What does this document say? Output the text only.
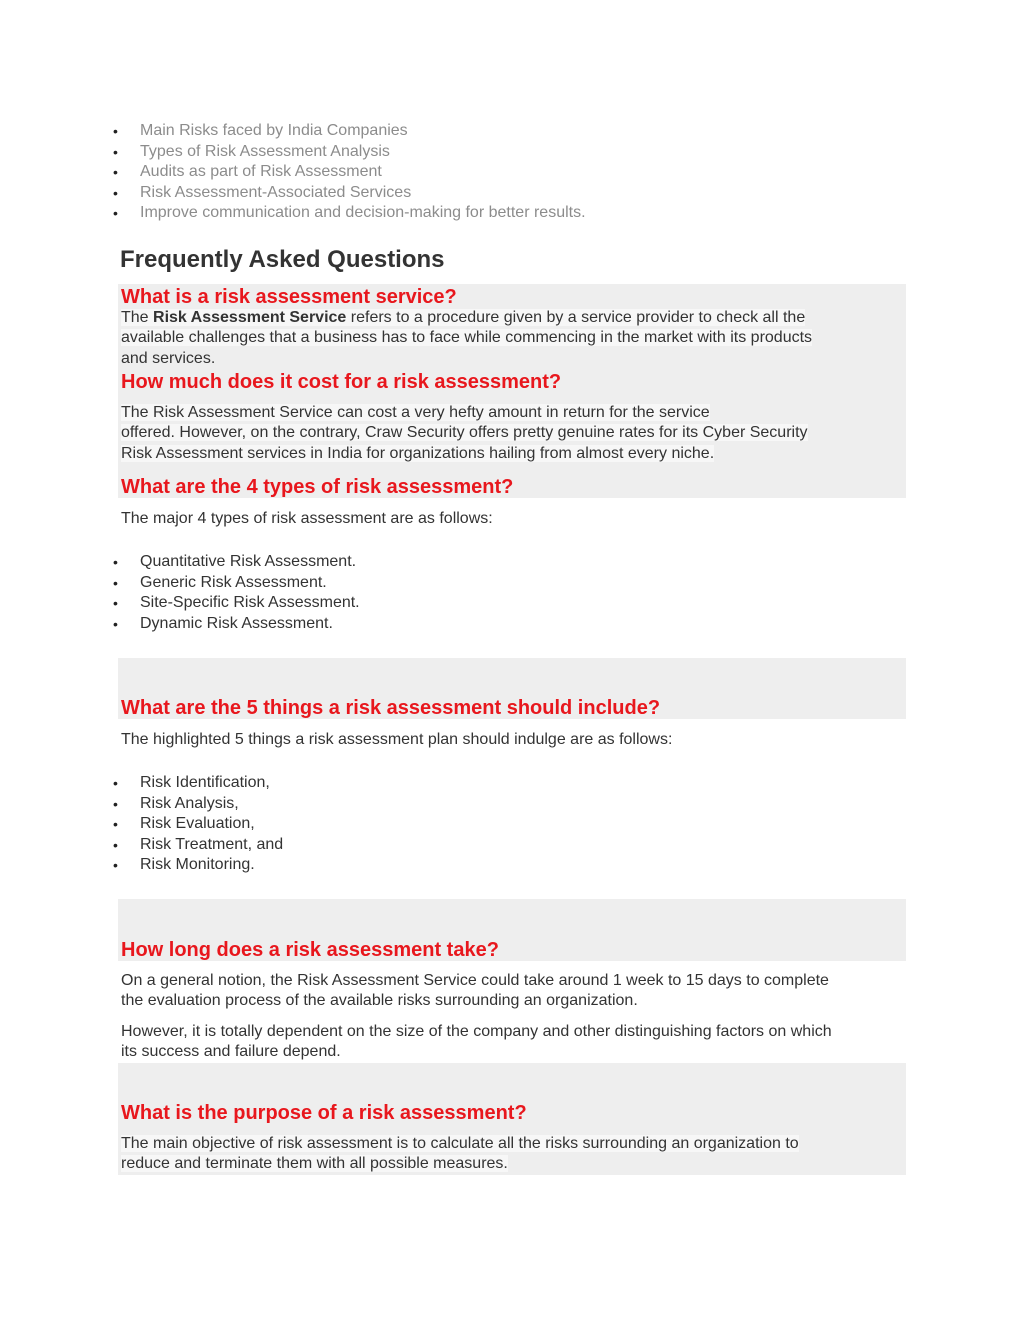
• Main Risks faced by India Companies
• Types of Risk Assessment Analysis
• Audits as part of Risk Assessment
• Risk Assessment-Associated Services
• Improve communication and decision-making for better results.
Frequently Asked Questions
What is a risk assessment service?
The Risk Assessment Service refers to a procedure given by a service provider to check all the
available challenges that a business has to face while commencing in the market with its products
and services.
How much does it cost for a risk assessment?
The Risk Assessment Service can cost a very hefty amount in return for the service
offered. However, on the contrary, Craw Security offers pretty genuine rates for its Cyber Security
Risk Assessment services in India for organizations hailing from almost every niche.
What are the 4 types of risk assessment?
The major 4 types of risk assessment are as follows:
• Quantitative Risk Assessment.
• Generic Risk Assessment.
• Site-Specific Risk Assessment.
• Dynamic Risk Assessment.
What are the 5 things a risk assessment should include?
The highlighted 5 things a risk assessment plan should indulge are as follows:
• Risk Identification,
• Risk Analysis,
• Risk Evaluation,
• Risk Treatment, and
• Risk Monitoring.
How long does a risk assessment take?
On a general notion, the Risk Assessment Service could take around 1 week to 15 days to complete
the evaluation process of the available risks surrounding an organization.
However, it is totally dependent on the size of the company and other distinguishing factors on which
its success and failure depend.
What is the purpose of a risk assessment?
The main objective of risk assessment is to calculate all the risks surrounding an organization to
reduce and terminate them with all possible measures.
